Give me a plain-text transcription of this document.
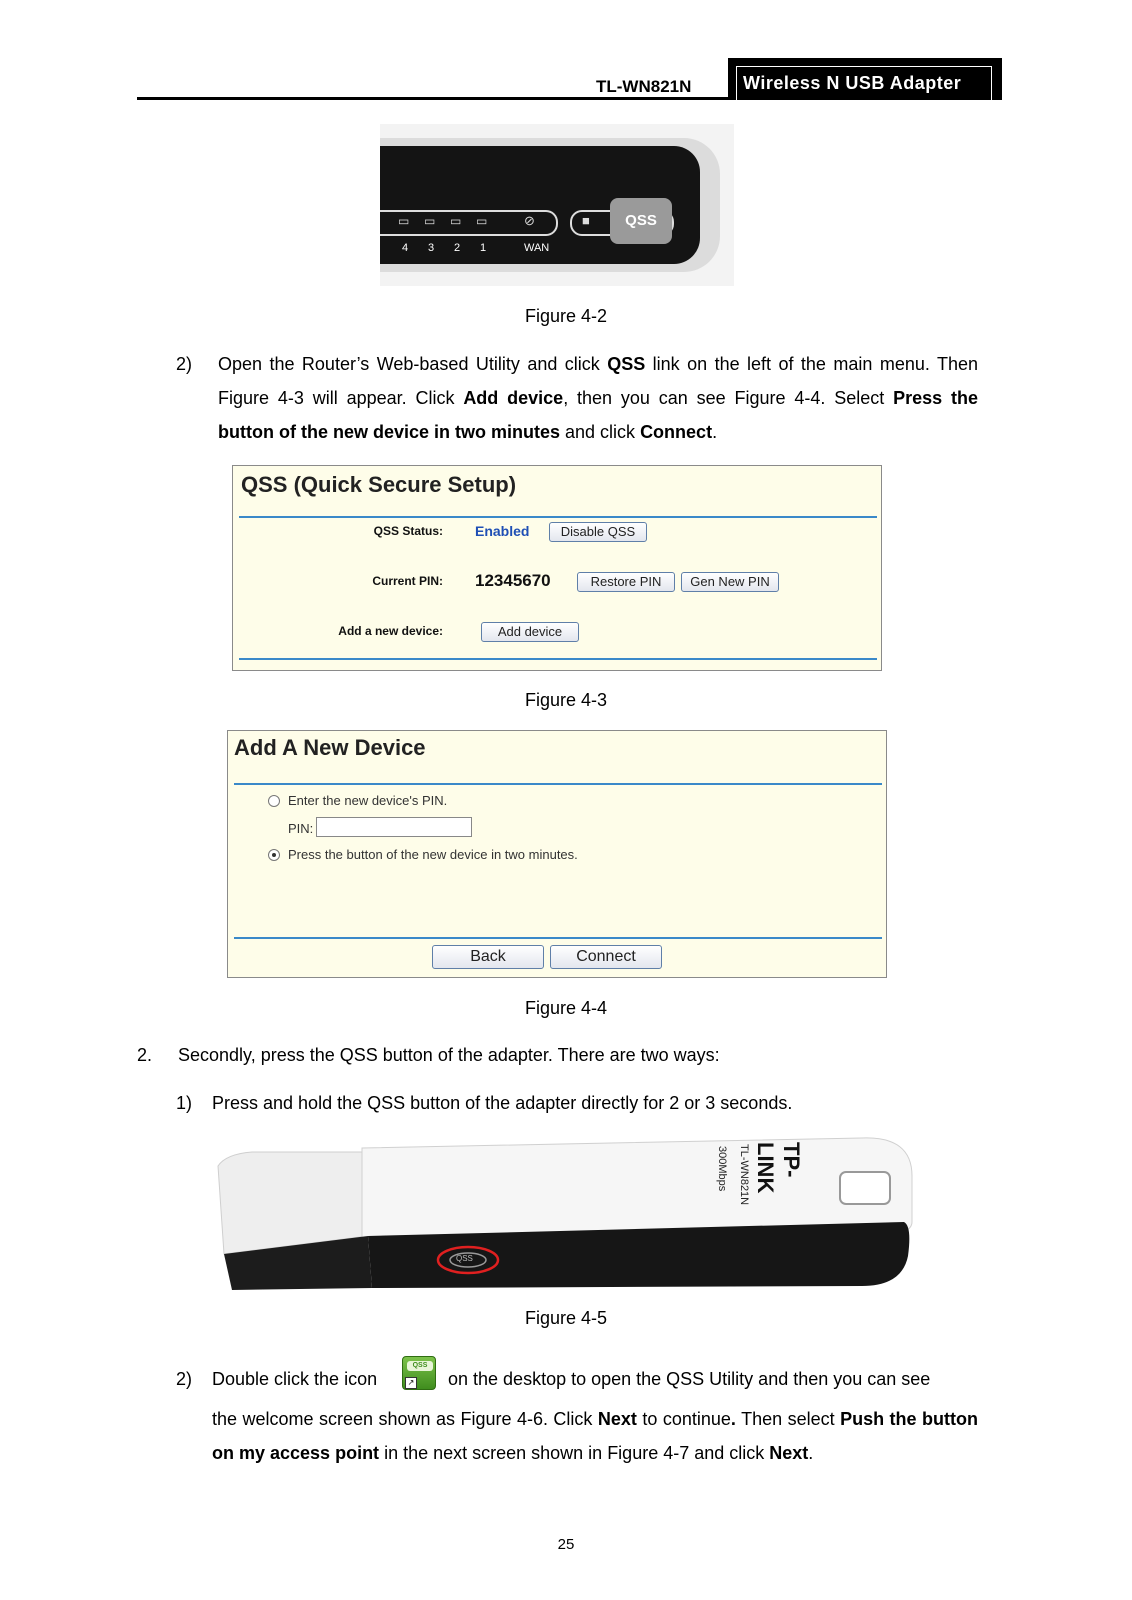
TL-WN821N	Wireless N USB Adapter
▭ ▭ ▭ ▭	⊘	■	QSS
4 3 2 1	WAN
Figure 4-2
2) Open the Router’s Web-based Utility and click QSS link on the left of the main menu. Then Figure 4-3 will appear. Click Add device, then you can see Figure 4-4. Select Press the button of the new device in two minutes and click Connect.
QSS (Quick Secure Setup)
QSS Status: Enabled	Disable QSS
Current PIN: 12345670	Restore PIN	Gen New PIN
Add a new device:	Add device
Figure 4-3
Add A New Device
Enter the new device's PIN.
PIN:
Press the button of the new device in two minutes.
Back	Connect
Figure 4-4
2. Secondly, press the QSS button of the adapter. There are two ways:
1) Press and hold the QSS button of the adapter directly for 2 or 3 seconds.
TP-LINK
TL-WN821N
300Mbps
QSS
Figure 4-5
2) Double click the icon
QSS
↗ on the desktop to open the QSS Utility and then you can see
the welcome screen shown as Figure 4-6. Click Next to continue. Then select Push the button on my access point in the next screen shown in Figure 4-7 and click Next.
25
